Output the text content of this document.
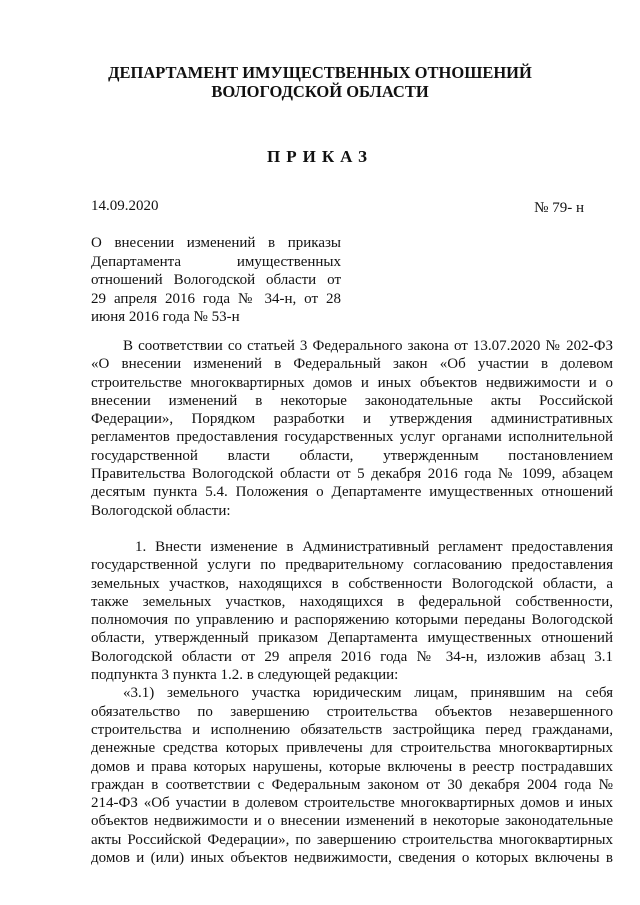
ДЕПАРТАМЕНТ ИМУЩЕСТВЕННЫХ ОТНОШЕНИЙ
ВОЛОГОДСКОЙ ОБЛАСТИ
ПРИКАЗ
14.09.2020	№ 79- н
О внесении изменений в приказы
Департамента имущественных
отношений Вологодской области от
29 апреля 2016 года № 34-н, от 28
июня 2016 года № 53-н
В соответствии со статьей 3 Федерального закона от 13.07.2020 № 202-ФЗ
«О внесении изменений в Федеральный закон «Об участии в долевом
строительстве многоквартирных домов и иных объектов недвижимости и о
внесении изменений в некоторые законодательные акты Российской
Федерации», Порядком разработки и утверждения административных
регламентов предоставления государственных услуг органами исполнительной
государственной власти области, утвержденным постановлением
Правительства Вологодской области от 5 декабря 2016 года № 1099, абзацем
десятым пункта 5.4. Положения о Департаменте имущественных отношений
Вологодской области:
1. Внести изменение в Административный регламент предоставления
государственной услуги по предварительному согласованию предоставления
земельных участков, находящихся в собственности Вологодской области, а
также земельных участков, находящихся в федеральной собственности,
полномочия по управлению и распоряжению которыми переданы Вологодской
области, утвержденный приказом Департамента имущественных отношений
Вологодской области от 29 апреля 2016 года № 34-н, изложив абзац 3.1
подпункта 3 пункта 1.2. в следующей редакции:
«3.1) земельного участка юридическим лицам, принявшим на себя
обязательство по завершению строительства объектов незавершенного
строительства и исполнению обязательств застройщика перед гражданами,
денежные средства которых привлечены для строительства многоквартирных
домов и права которых нарушены, которые включены в реестр пострадавших
граждан в соответствии с Федеральным законом от 30 декабря 2004 года №
214-ФЗ «Об участии в долевом строительстве многоквартирных домов и иных
объектов недвижимости и о внесении изменений в некоторые законодательные
акты Российской Федерации», по завершению строительства многоквартирных
домов и (или) иных объектов недвижимости, сведения о которых включены в
